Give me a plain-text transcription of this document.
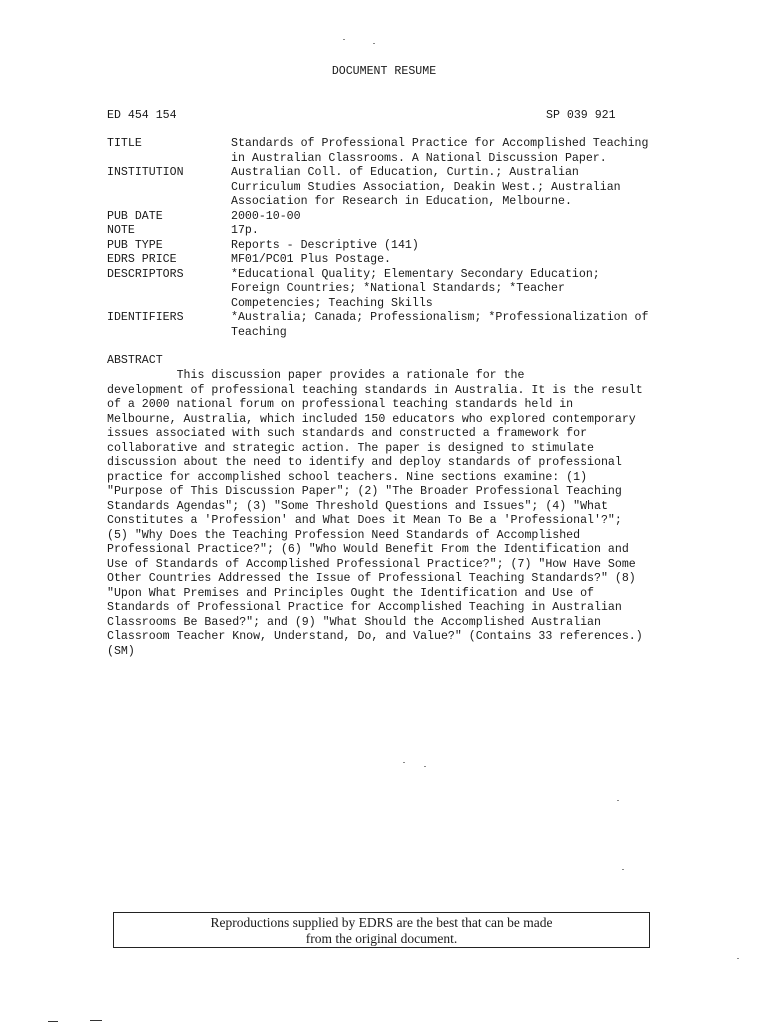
DOCUMENT RESUME
ED 454 154	SP 039 921
TITLE	Standards of Professional Practice for Accomplished Teaching
in Australian Classrooms. A National Discussion Paper.
INSTITUTION	Australian Coll. of Education, Curtin.; Australian
Curriculum Studies Association, Deakin West.; Australian
Association for Research in Education, Melbourne.
PUB DATE	2000-10-00
NOTE	17p.
PUB TYPE	Reports - Descriptive (141)
EDRS PRICE	MF01/PC01 Plus Postage.
DESCRIPTORS	*Educational Quality; Elementary Secondary Education;
Foreign Countries; *National Standards; *Teacher
Competencies; Teaching Skills
IDENTIFIERS	*Australia; Canada; Professionalism; *Professionalization of
Teaching
ABSTRACT
This discussion paper provides a rationale for the
development of professional teaching standards in Australia. It is the result
of a 2000 national forum on professional teaching standards held in
Melbourne, Australia, which included 150 educators who explored contemporary
issues associated with such standards and constructed a framework for
collaborative and strategic action. The paper is designed to stimulate
discussion about the need to identify and deploy standards of professional
practice for accomplished school teachers. Nine sections examine: (1)
"Purpose of This Discussion Paper"; (2) "The Broader Professional Teaching
Standards Agendas"; (3) "Some Threshold Questions and Issues"; (4) "What
Constitutes a 'Profession' and What Does it Mean To Be a 'Professional'?";
(5) "Why Does the Teaching Profession Need Standards of Accomplished
Professional Practice?"; (6) "Who Would Benefit From the Identification and
Use of Standards of Accomplished Professional Practice?"; (7) "How Have Some
Other Countries Addressed the Issue of Professional Teaching Standards?" (8)
"Upon What Premises and Principles Ought the Identification and Use of
Standards of Professional Practice for Accomplished Teaching in Australian
Classrooms Be Based?"; and (9) "What Should the Accomplished Australian
Classroom Teacher Know, Understand, Do, and Value?" (Contains 33 references.)
(SM)
Reproductions supplied by EDRS are the best that can be made
from the original document.
